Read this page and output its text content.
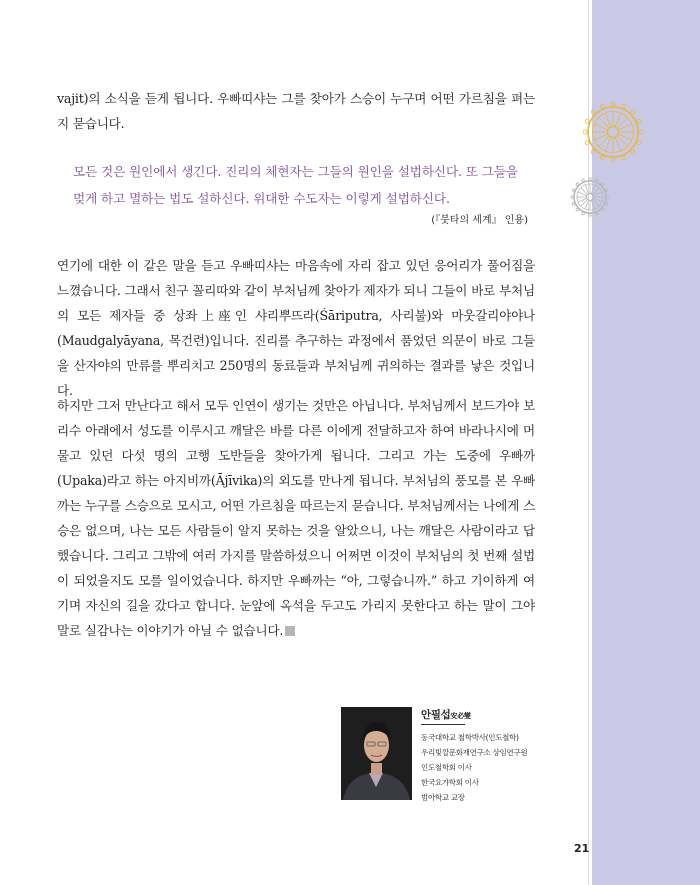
vajit)의 소식을 듣게 됩니다. 우빠띠샤는 그를 찾아가 스승이 누구며 어떤 가르침을 펴는지 묻습니다.

모든 것은 원인에서 생긴다. 진리의 체현자는 그들의 원인을 설법하신다. 또 그들을 멎게 하고 멸하는 법도 설하신다. 위대한 수도자는 이렇게 설법하신다.

(『붓타의 세계』 인용)

연기에 대한 이 같은 말을 듣고 우빠띠샤는 마음속에 자리 잡고 있던 응어리가 풀어짐을 느꼈습니다. 그래서 친구 꼴리따와 같이 부처님께 찾아가 제자가 되니 그들이 바로 부처님의 모든 제자들 중 상좌上座인 샤리뿌뜨라(Śāriputra, 사리불)와 마웃갈리야야나(Maudgalyāyana, 목건련)입니다. 진리를 추구하는 과정에서 품었던 의문이 바로 그들을 산자야의 만류를 뿌리치고 250명의 동료들과 부처님께 귀의하는 결과를 낳은 것입니다.

하지만 그저 만난다고 해서 모두 인연이 생기는 것만은 아닙니다. 부처님께서 보드가야 보리수 아래에서 성도를 이루시고 깨달은 바를 다른 이에게 전달하고자 하여 바라나시에 머물고 있던 다섯 명의 고행 도반들을 찾아가게 됩니다. 그리고 가는 도중에 우빠까(Upaka)라고 하는 아지비까(Ājīvika)의 외도를 만나게 됩니다. 부처님의 풍모를 본 우빠까는 누구를 스승으로 모시고, 어떤 가르침을 따르는지 묻습니다. 부처님께서는 나에게 스승은 없으며, 나는 모든 사람들이 알지 못하는 것을 알았으니, 나는 깨달은 사람이라고 답했습니다. 그리고 그밖에 여러 가지를 말씀하셨으니 어쩌면 이것이 부처님의 첫 번째 설법이 되었을지도 모를 일이었습니다. 하지만 우빠까는 “아, 그렇습니까.” 하고 기이하게 여기며 자신의 길을 갔다고 합니다. 눈앞에 옥석을 두고도 가리지 못한다고 하는 말이 그야말로 실감나는 이야기가 아닐 수 없습니다.

안필섭安必燮
동국대학교 철학박사(인도철학)
우리빛깔문화재연구소 상임연구원
인도철학회 이사
한국요가학회 이사
범아학교 교장
21
